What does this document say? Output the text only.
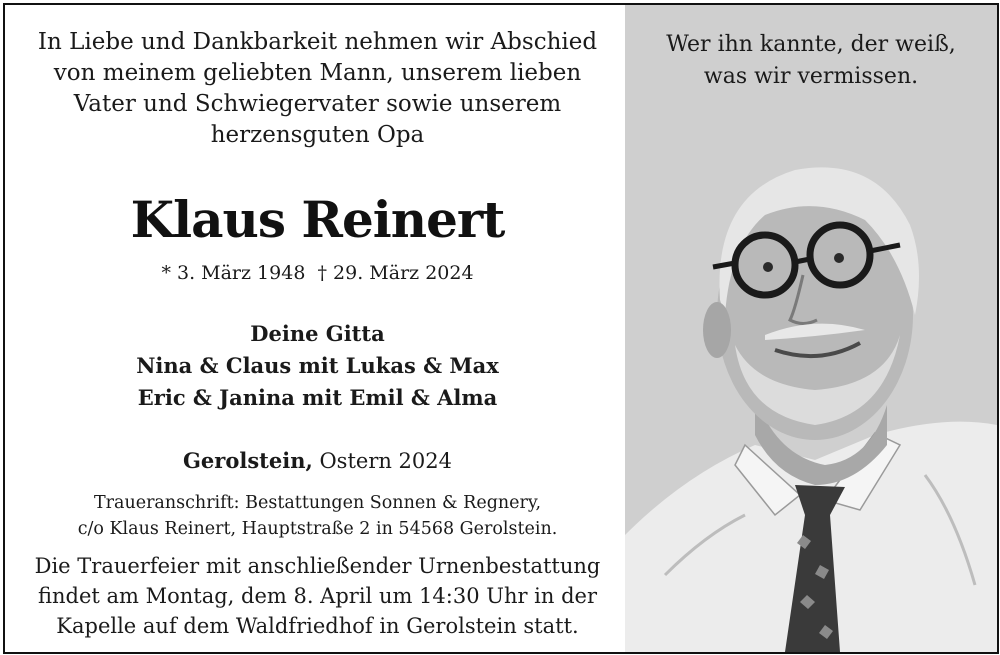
In Liebe und Dankbarkeit nehmen wir Abschied
von meinem geliebten Mann, unserem lieben
Vater und Schwiegervater sowie unserem
herzensguten Opa
Klaus Reinert
* 3. März 1948  † 29. März 2024
Deine Gitta
Nina & Claus mit Lukas & Max
Eric & Janina mit Emil & Alma
Gerolstein, Ostern 2024
Traueranschrift: Bestattungen Sonnen & Regnery,
c/o Klaus Reinert, Hauptstraße 2 in 54568 Gerolstein.
Die Trauerfeier mit anschließender Urnenbestattung
findet am Montag, dem 8. April um 14:30 Uhr in der
Kapelle auf dem Waldfriedhof in Gerolstein statt.
Wer ihn kannte, der weiß,
was wir vermissen.
